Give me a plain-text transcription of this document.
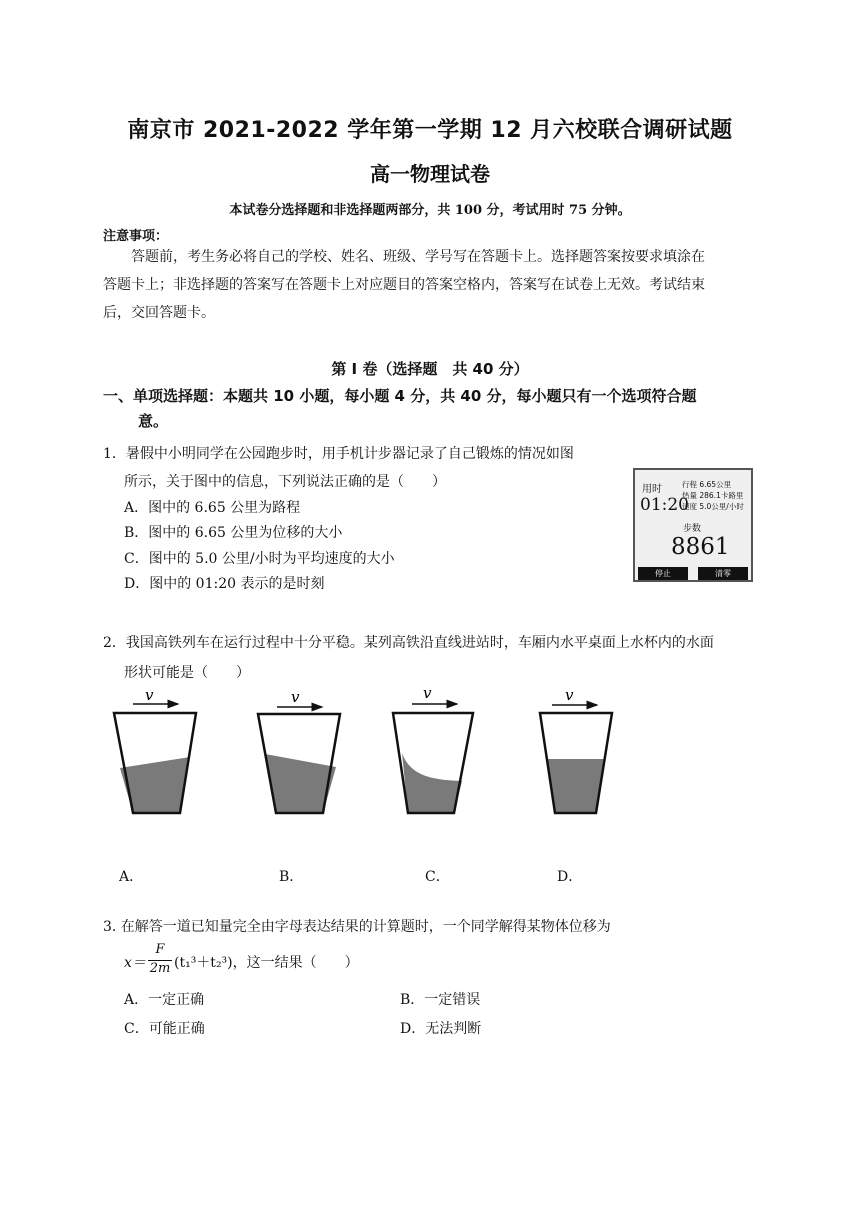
南京市 2021-2022 学年第一学期 12 月六校联合调研试题
高一物理试卷
本试卷分选择题和非选择题两部分，共 100 分，考试用时 75 分钟。
注意事项：
答题前，考生务必将自己的学校、姓名、班级、学号写在答题卡上。选择题答案按要求填涂在
答题卡上；非选择题的答案写在答题卡上对应题目的答案空格内，答案写在试卷上无效。考试结束
后，交回答题卡。
第 Ⅰ 卷（选择题　共 40 分）
一、单项选择题：本题共 10 小题，每小题 4 分，共 40 分，每小题只有一个选项符合题
意。
1．暑假中小明同学在公园跑步时，用手机计步器记录了自己锻炼的情况如图
所示，关于图中的信息，下列说法正确的是（　　）
A．图中的 6.65 公里为路程
B．图中的 6.65 公里为位移的大小
C．图中的 5.0 公里/小时为平均速度的大小
D．图中的 01:20 表示的是时刻
用时
01:20
行程 6.65公里
热量 286.1卡路里
速度 5.0公里/小时
步数
8861
停止	清零
2．我国高铁列车在运行过程中十分平稳。某列高铁沿直线进站时，车厢内水平桌面上水杯内的水面
形状可能是（　　）
v	v	v	v
A．	B．	C．	D．
3. 在解答一道已知量完全由字母表达结果的计算题时，一个同学解得某物体位移为
x＝
F
2m (t₁³＋t₂³)，这一结果（　　）
A．一定正确	B．一定错误
C．可能正确	D．无法判断
